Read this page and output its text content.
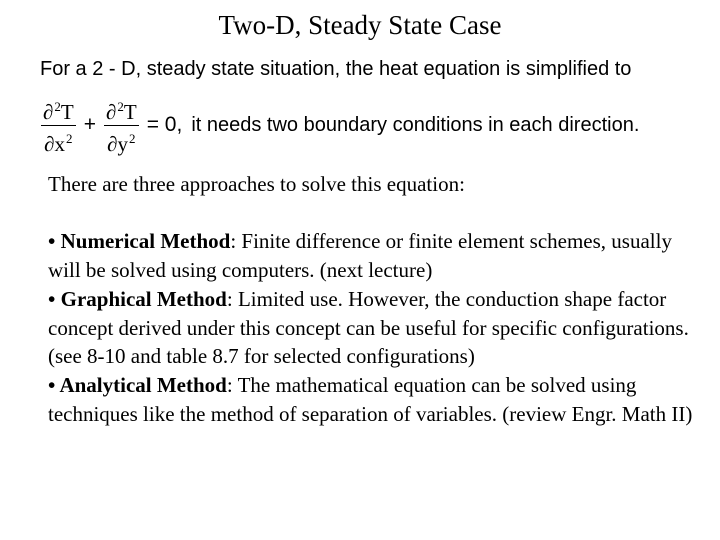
Two-D, Steady State Case
For a 2 - D, steady state situation, the heat equation is simplified to
$\frac{\partial^2T}{\partial x^2} + \frac{\partial^2T}{\partial y^2} = 0$, it needs two boundary conditions in each direction.

There are three approaches to solve this equation:

• Numerical Method: Finite difference or finite element schemes, usually will be solved using computers. (next lecture)

• Graphical Method: Limited use. However, the conduction shape factor concept derived under this concept can be useful for specific configurations. (see 8-10 and table 8.7 for selected configurations)

• Analytical Method: The mathematical equation can be solved using techniques like the method of separation of variables. (review Engr. Math II)
